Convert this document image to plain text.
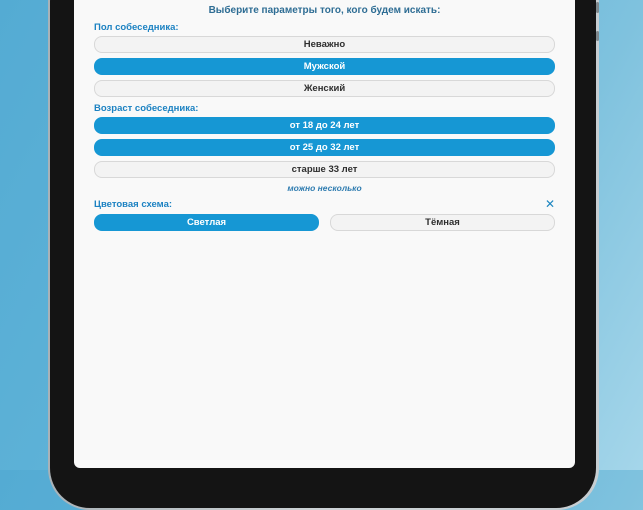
Выберите параметры того, кого будем искать:
Пол собеседника:
Неважно
Мужской
Женский
Возраст собеседника:
от 18 до 24 лет
от 25 до 32 лет
старше 33 лет
можно несколько
Цветовая схема:	✕
Светлая	Тёмная
